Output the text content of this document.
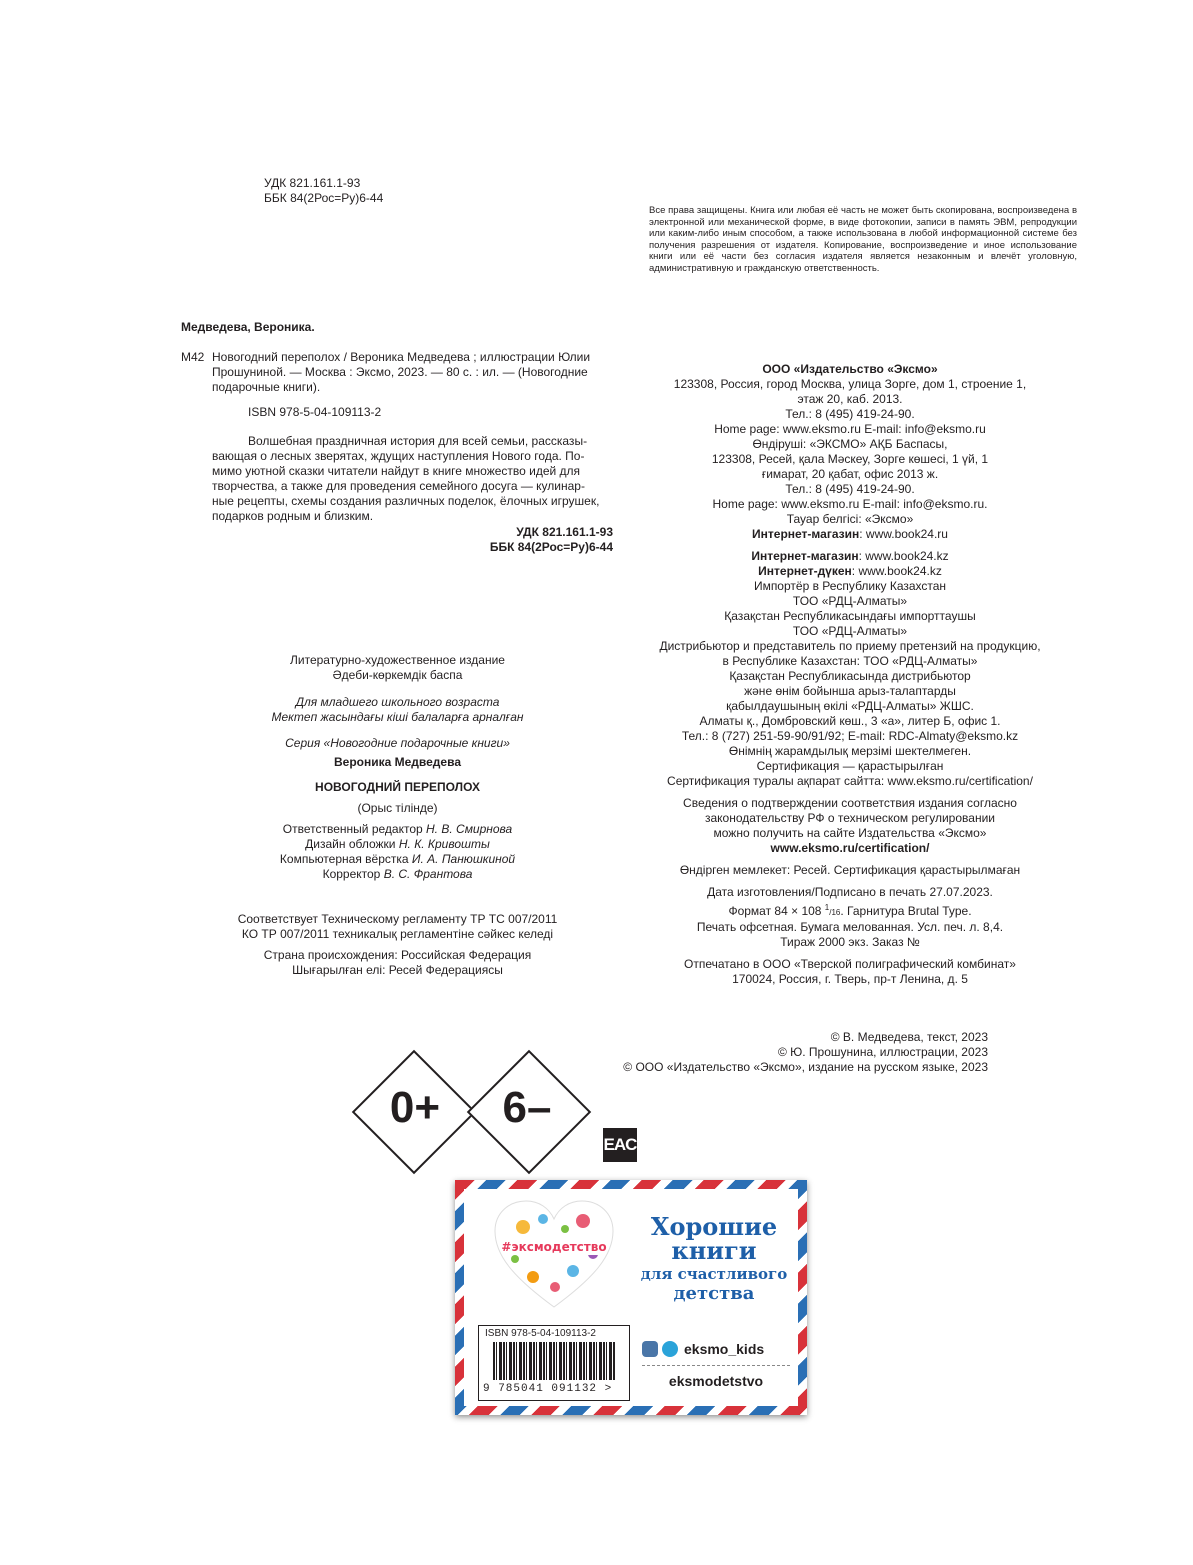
УДК 821.161.1-93
ББК 84(2Рос=Ру)6-44
Все права защищены. Книга или любая её часть не может быть скопирована, воспроизведена в электронной или механической форме, в виде фотокопии, записи в память ЭВМ, репродукции или каким-либо иным способом, а также использована в любой информационной системе без получения разрешения от издателя. Копирование, воспроизведение и иное использование книги или её части без согласия издателя является незаконным и влечёт уголовную, административную и гражданскую ответственность.
Медведева, Вероника.
М42 Новогодний переполох / Вероника Медведева ; иллюстрации Юлии
Прошуниной. — Москва : Эксмо, 2023. — 80 с. : ил. — (Новогодние
подарочные книги).
ISBN 978-5-04-109113-2
Волшебная праздничная история для всей семьи, рассказы-
вающая о лесных зверятах, ждущих наступления Нового года. По-
мимо уютной сказки читатели найдут в книге множество идей для
творчества, а также для проведения семейного досуга — кулинар-
ные рецепты, схемы создания различных поделок, ёлочных игрушек,
подарков родным и близким.
УДК 821.161.1-93
ББК 84(2Рос=Ру)6-44
ООО «Издательство «Эксмо»
123308, Россия, город Москва, улица Зорге, дом 1, строение 1,
этаж 20, каб. 2013.
Тел.: 8 (495) 419-24-90.
Home page: www.eksmo.ru E-mail: info@eksmo.ru
Өндіруші: «ЭКСМО» АҚБ Баспасы,
123308, Ресей, қала Мәскеу, Зорге көшесі, 1 үй, 1
ғимарат, 20 қабат, офис 2013 ж.
Тел.: 8 (495) 419-24-90.
Home page: www.eksmo.ru E-mail: info@eksmo.ru.
Тауар белгісі: «Эксмо»
Интернет-магазин: www.book24.ru
Интернет-магазин: www.book24.kz
Интернет-дүкен: www.book24.kz
Импортёр в Республику Казахстан
ТОО «РДЦ-Алматы»
Қазақстан Республикасындағы импорттаушы
ТОО «РДЦ-Алматы»
Дистрибьютор и представитель по приему претензий на продукцию,
в Республике Казахстан: ТОО «РДЦ-Алматы»
Қазақстан Республикасында дистрибьютор
және өнім бойынша арыз-талаптарды
қабылдаушының өкілі «РДЦ-Алматы» ЖШС.
Алматы қ., Домбровский көш., 3 «а», литер Б, офис 1.
Тел.: 8 (727) 251-59-90/91/92; E-mail: RDC-Almaty@eksmo.kz
Өнімнің жарамдылық мерзімі шектелмеген.
Сертификация — қарастырылған
Сертификация туралы ақпарат сайтта: www.eksmo.ru/certification/
Сведения о подтверждении соответствия издания согласно
законодательству РФ о техническом регулировании
можно получить на сайте Издательства «Эксмо»
www.eksmo.ru/certification/
Өндірген мемлекет: Ресей. Сертификация қарастырылмаған
Дата изготовления/Подписано в печать 27.07.2023.
Формат 84 × 108 $^1$/16. Гарнитура Brutal Type.
Печать офсетная. Бумага мелованная. Усл. печ. л. 8,4.
Тираж 2000 экз. Заказ №
Отпечатано в ООО «Тверской полиграфический комбинат»
170024, Россия, г. Тверь, пр-т Ленина, д. 5
Литературно-художественное издание
Әдеби-көркемдік баспа
Для младшего школьного возраста
Мектеп жасындағы кіші балаларға арналған
Серия «Новогодние подарочные книги»
Вероника Медведева
НОВОГОДНИЙ ПЕРЕПОЛОХ
(Орыс тілінде)
Ответственный редактор Н. В. Смирнова
Дизайн обложки Н. К. Кривошты
Компьютерная вёрстка И. А. Панюшкиной
Корректор В. С. Франтова
Соответствует Техническому регламенту ТР ТС 007/2011
КО ТР 007/2011 техникалық регламентіне сәйкес келеді
Страна происхождения: Российская Федерация
Шығарылған елі: Ресей Федерациясы
© В. Медведева, текст, 2023
© Ю. Прошунина, иллюстрации, 2023
© ООО «Издательство «Эксмо», издание на русском языке, 2023
0+ 6–
EAC
#эксмодетство
Хорошие
книги
для счастливого
детства
eksmo_kids
eksmodetstvo
ISBN 978-5-04-109113-2
9 785041 091132 >
